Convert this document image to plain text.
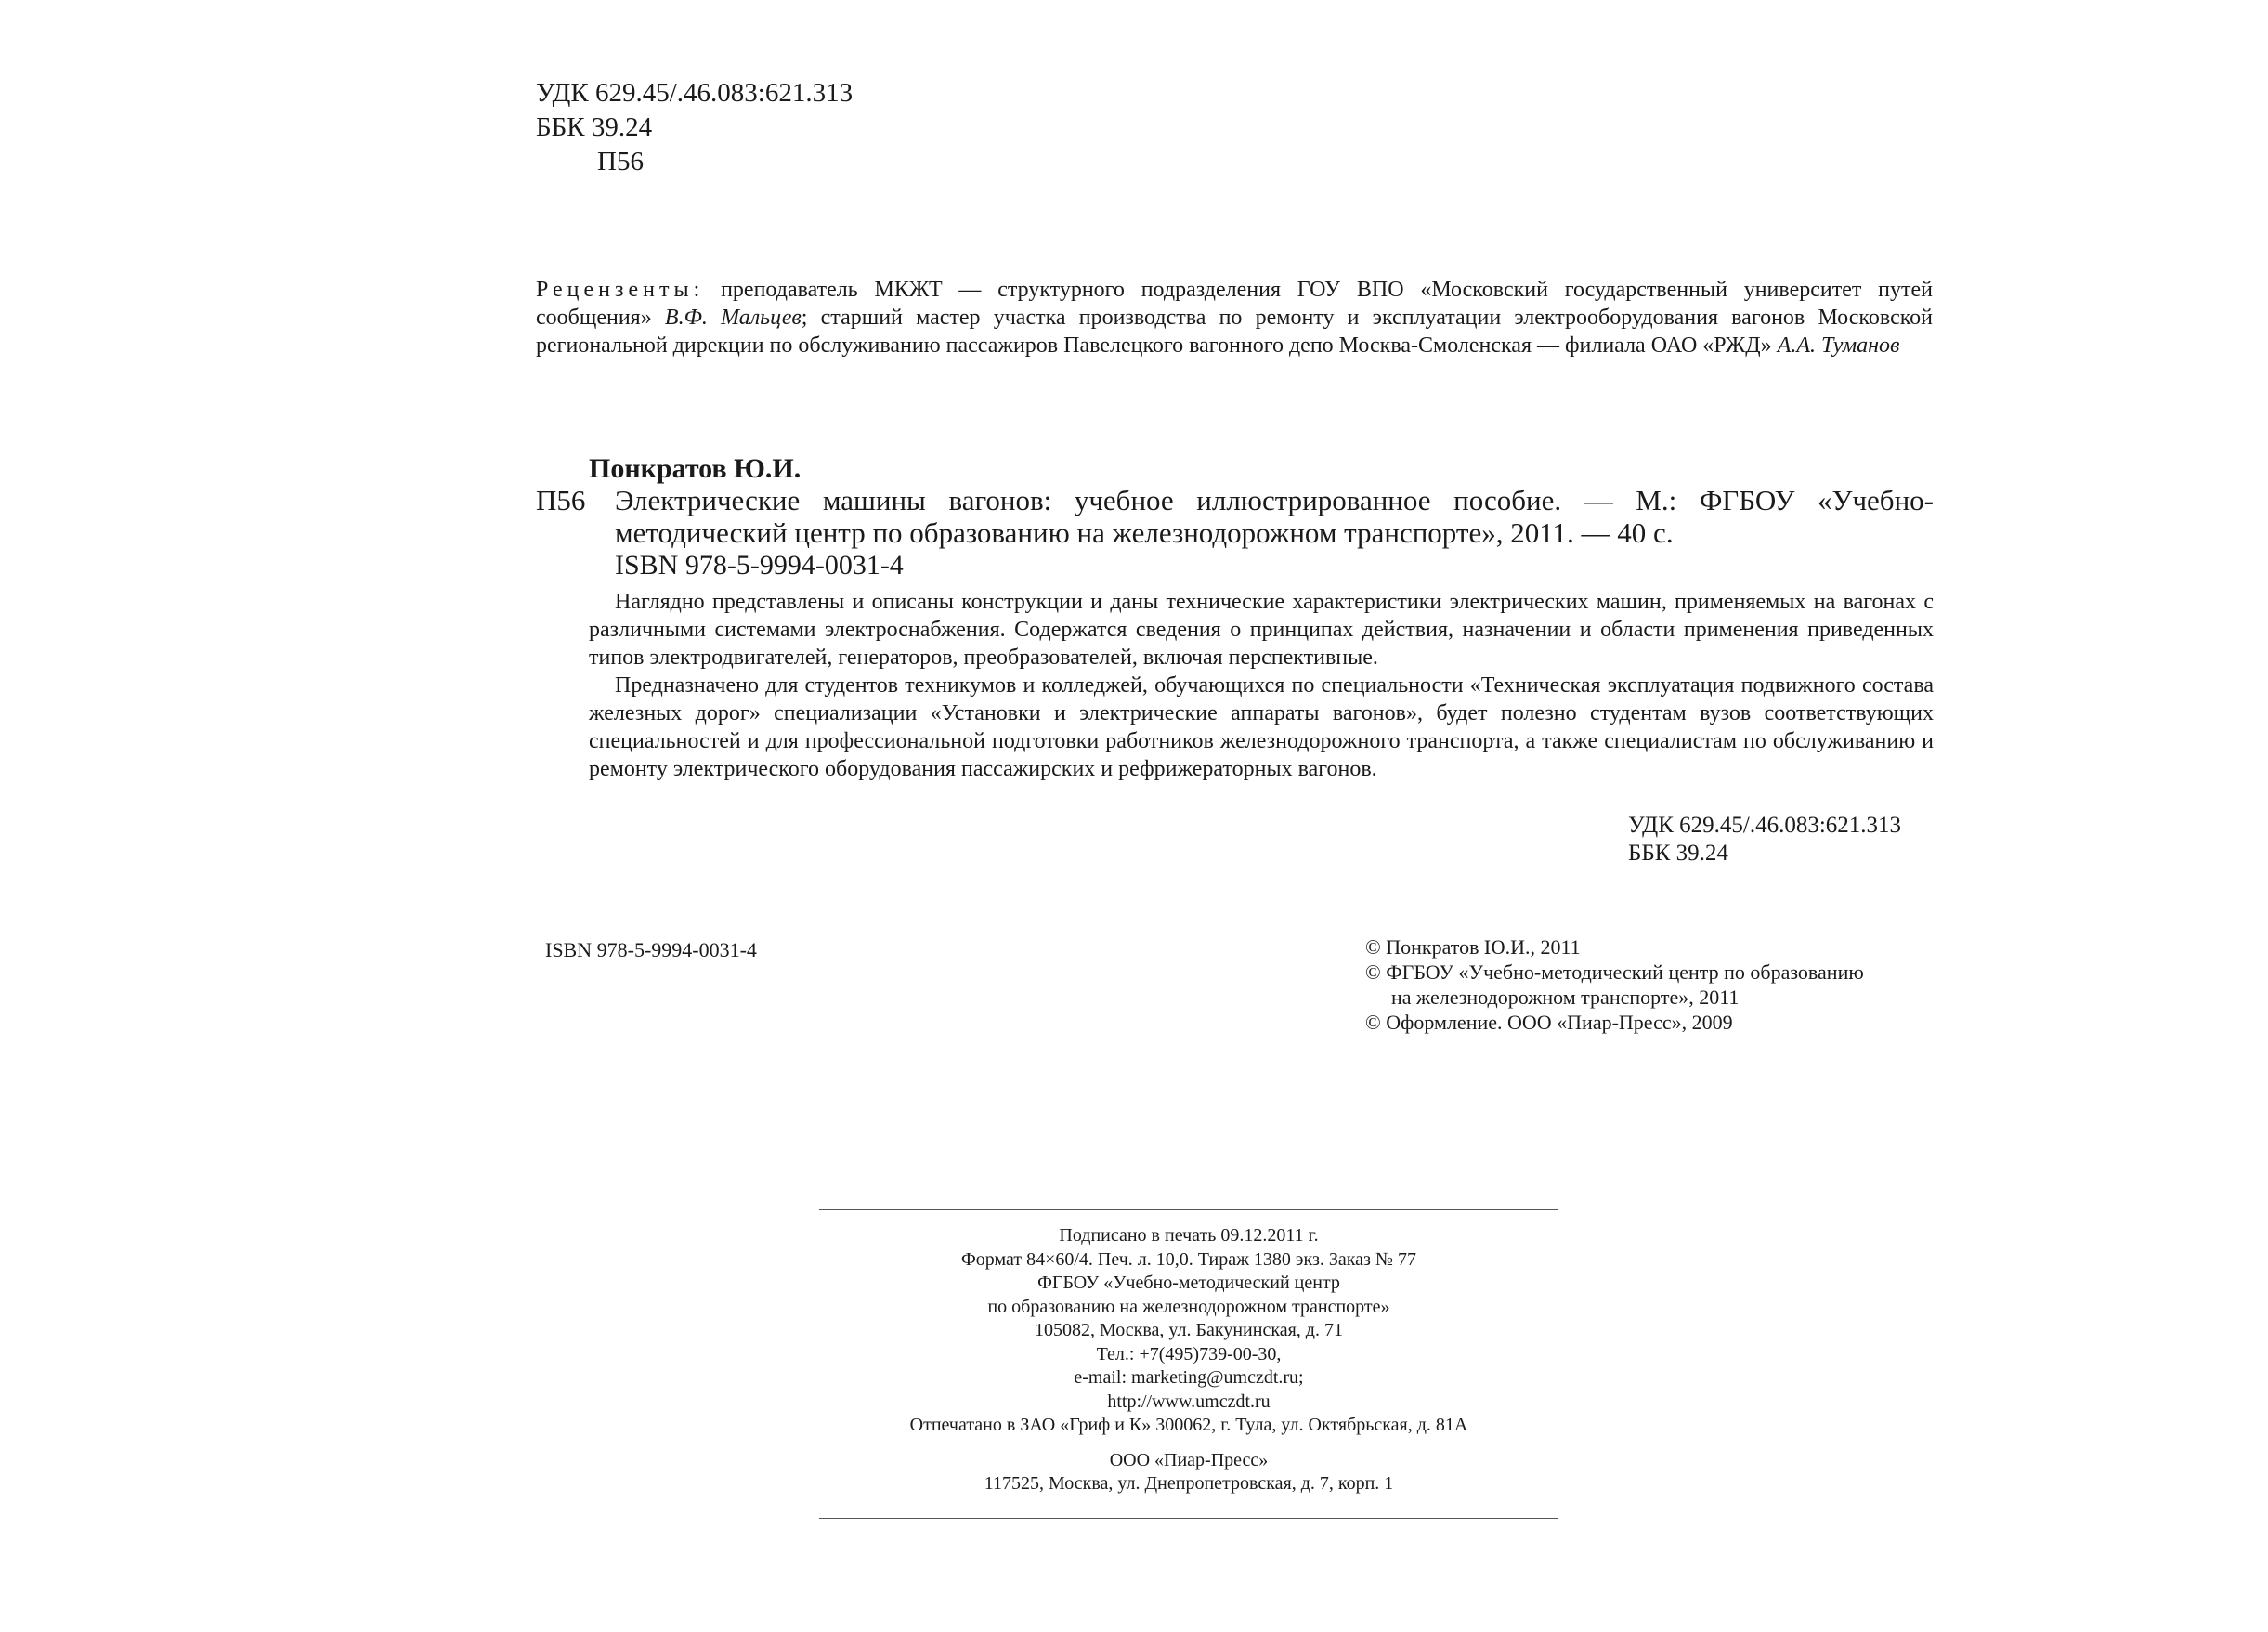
УДК 629.45/.46.083:621.313
ББК 39.24
П56
Рецензенты: преподаватель МКЖТ — структурного подразделения ГОУ ВПО «Московский государственный университет путей сообщения» В.Ф. Мальцев; старший мастер участка производства по ремонту и эксплуатации электрооборудования вагонов Московской региональной дирекции по обслуживанию пассажиров Павелецкого вагонного депо Москва-Смоленская — филиала ОАО «РЖД» А.А. Туманов
Понкратов Ю.И.
П56 Электрические машины вагонов: учебное иллюстрированное пособие. — М.: ФГБОУ «Учебно-методический центр по образованию на железнодорожном транспорте», 2011. — 40 с.
ISBN 978-5-9994-0031-4

Наглядно представлены и описаны конструкции и даны технические характеристики электрических машин, применяемых на вагонах с различными системами электроснабжения. Содержатся сведения о принципах действия, назначении и области применения приведенных типов электродвигателей, генераторов, преобразователей, включая перспективные.

Предназначено для студентов техникумов и колледжей, обучающихся по специальности «Техническая эксплуатация подвижного состава железных дорог» специализации «Установки и электрические аппараты вагонов», будет полезно студентам вузов соответствующих специальностей и для профессиональной подготовки работников железнодорожного транспорта, а также специалистам по обслуживанию и ремонту электрического оборудования пассажирских и рефрижераторных вагонов.

УДК 629.45/.46.083:621.313
ББК 39.24
ISBN 978-5-9994-0031-4	© Понкратов Ю.И., 2011
© ФГБОУ «Учебно-методический центр по образованию
на железнодорожном транспорте», 2011
© Оформление. ООО «Пиар-Пресс», 2009
Подписано в печать 09.12.2011 г.
Формат 84×60/4. Печ. л. 10,0. Тираж 1380 экз. Заказ № 77
ФГБОУ «Учебно-методический центр
по образованию на железнодорожном транспорте»
105082, Москва, ул. Бакунинская, д. 71
Тел.: +7(495)739-00-30,
e-mail: marketing@umczdt.ru;
http://www.umczdt.ru
Отпечатано в ЗАО «Гриф и К» 300062, г. Тула, ул. Октябрьская, д. 81А
ООО «Пиар-Пресс»
117525, Москва, ул. Днепропетровская, д. 7, корп. 1
